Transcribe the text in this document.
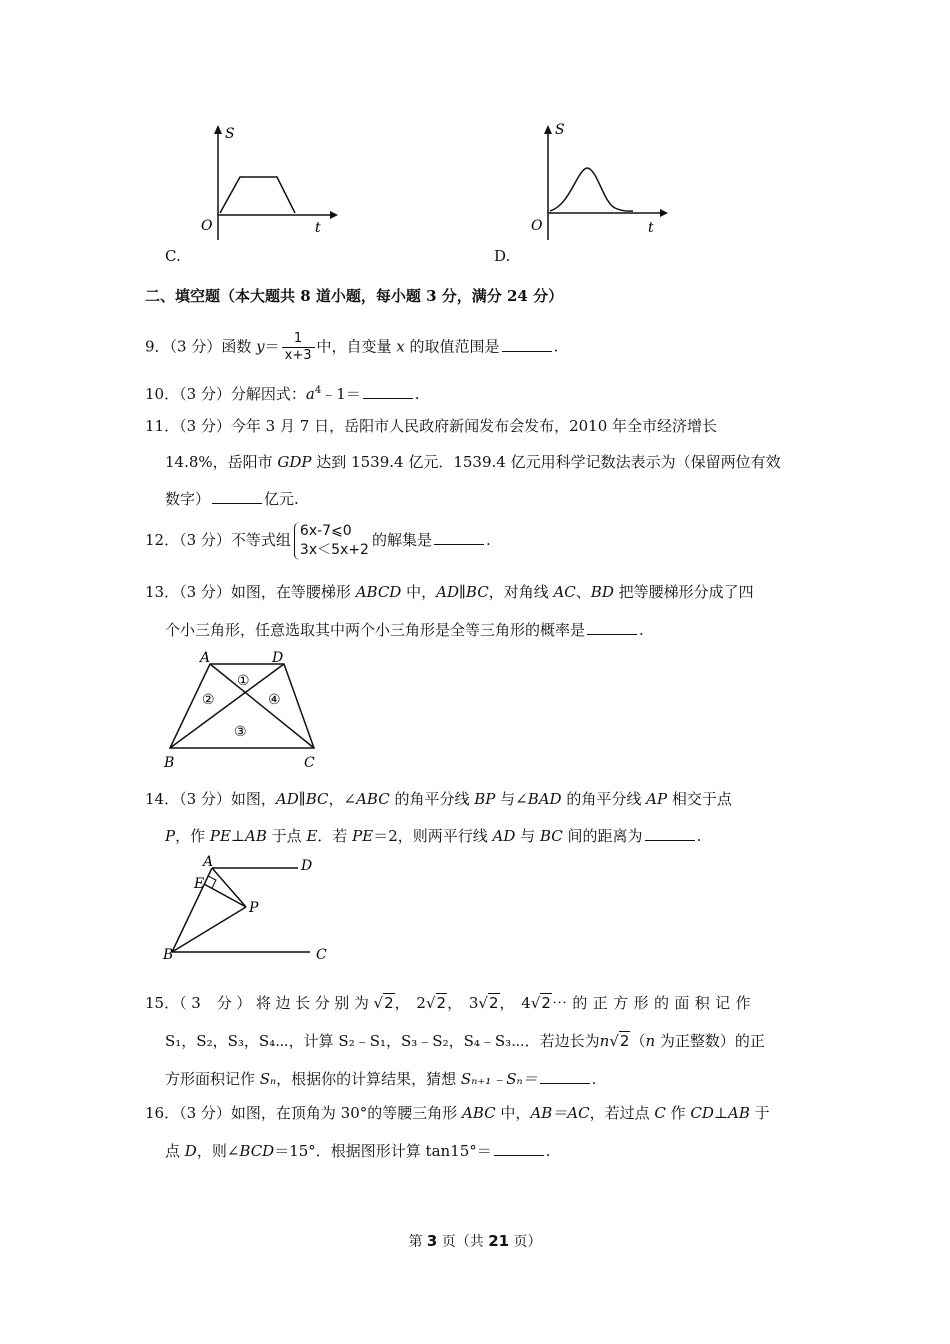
S
O	t
C.
S
O	t
D.
二、填空题（本大题共 8 道小题，每小题 3 分，满分 24 分）
9．（3 分）函数 $y= \frac{1}{x+3}$ 中，自变量 x 的取值范围是	.
10．（3 分）分解因式：$a^4﹣1=$	.
11．（3 分）今年 3 月 7 日，岳阳市人民政府新闻发布会发布，2010 年全市经济增长
14.8%，岳阳市 GDP 达到 1539.4 亿元．1539.4 亿元用科学记数法表示为（保留两位有效
数字）	亿元.
12．（3 分）不等式组 6x-7⩽0
3x＜5x+2
的解集是	.
13．（3 分）如图，在等腰梯形 ABCD 中，AD∥BC，对角线 AC、BD 把等腰梯形分成了四
个小三角形，任意选取其中两个小三角形是全等三角形的概率是	.
A	D
B	C
①
②
③
④
14．（3 分）如图，AD∥BC，∠ABC 的角平分线 BP 与∠BAD 的角平分线 AP 相交于点
P，作 PE⊥AB 于点 E．若 PE＝2，则两平行线 AD 与 BC 间的距离为	.
A	D
E
P
B	C
15．（3 分）将边长分别为√2， 2√2， 3√2， 4√2⋯的正方形的面积记作
S₁，S₂，S₃，S₄⋯，计算 S₂﹣S₁，S₃﹣S₂，S₄﹣S₃⋯．若边长为n√2（n 为正整数）的正
方形面积记作 Sₙ，根据你的计算结果，猜想 Sₙ₊₁﹣Sₙ＝	.
16．（3 分）如图，在顶角为 30°的等腰三角形 ABC 中，AB＝AC，若过点 C 作 CD⊥AB 于
点 D，则∠BCD＝15°．根据图形计算 tan15°＝	.
第 3 页（共 21 页）
